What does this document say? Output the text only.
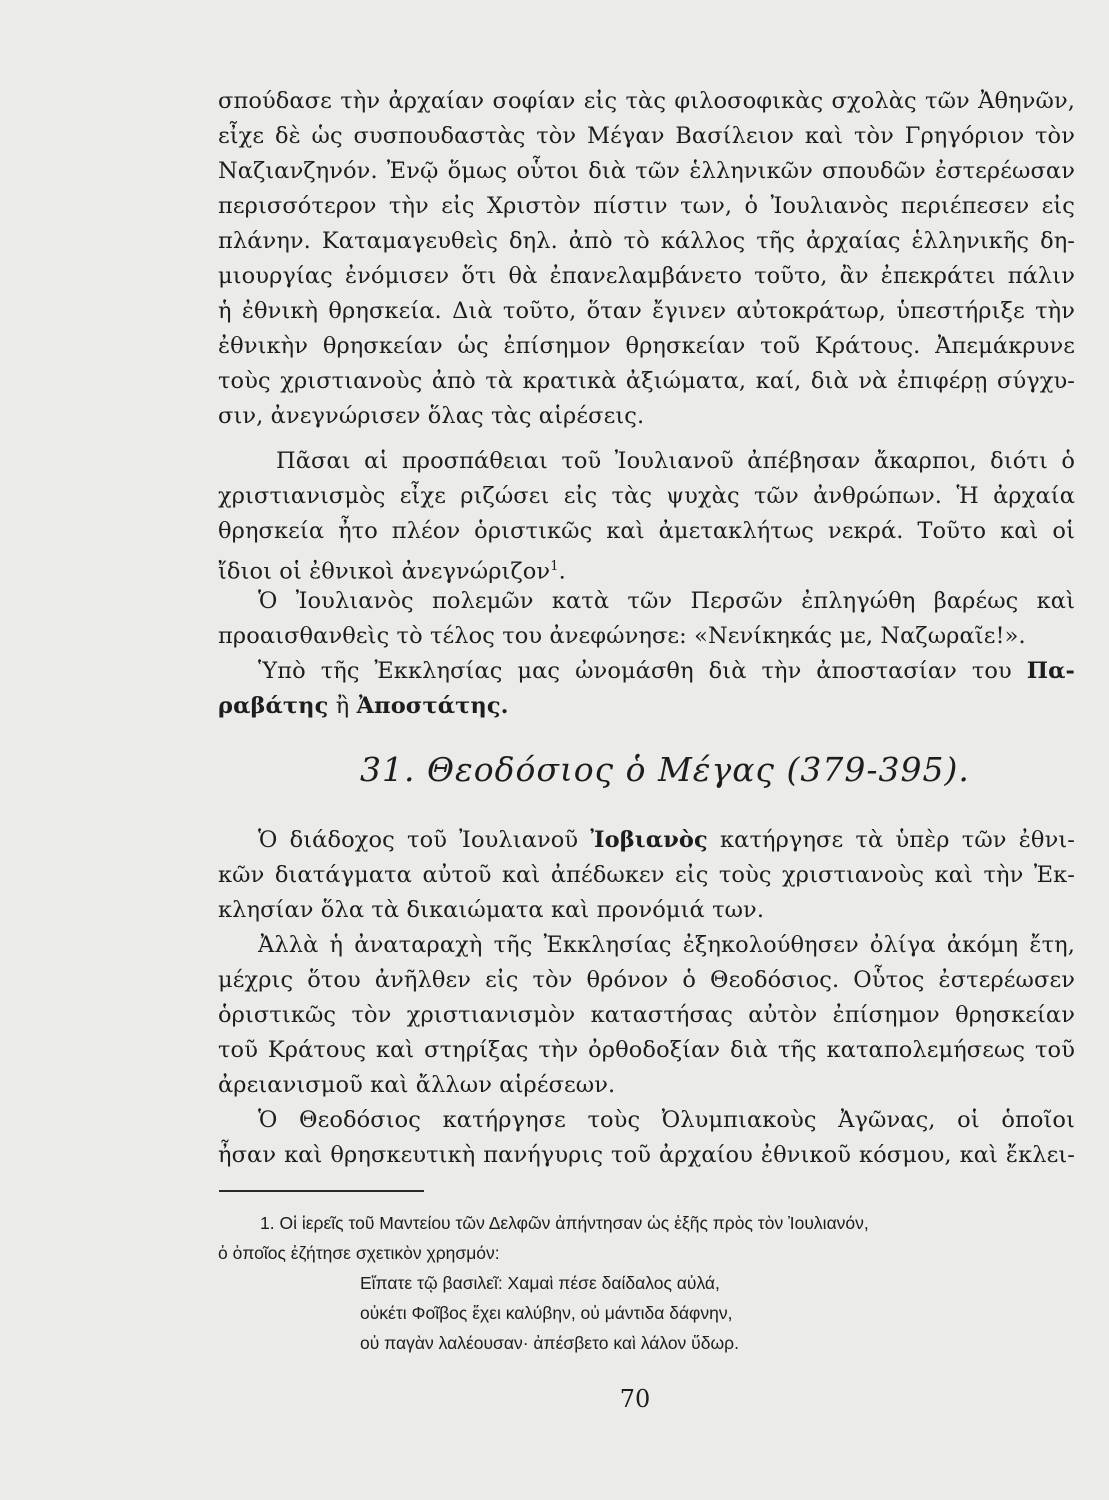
σπούδασε τὴν ἀρχαίαν σοφίαν εἰς τὰς φιλοσοφικὰς σχολὰς τῶν Ἀθηνῶν,
εἶχε δὲ ὡς συσπουδαστὰς τὸν Μέγαν Βασίλειον καὶ τὸν Γρηγόριον τὸν
Ναζιανζηνόν. Ἐνῷ ὅμως οὗτοι διὰ τῶν ἑλληνικῶν σπουδῶν ἐστερέωσαν
περισσότερον τὴν εἰς Χριστὸν πίστιν των, ὁ Ἰουλιανὸς περιέπεσεν εἰς
πλάνην. Καταμαγευθεὶς δηλ. ἀπὸ τὸ κάλλος τῆς ἀρχαίας ἑλληνικῆς δη-
μιουργίας ἐνόμισεν ὅτι θὰ ἐπανελαμβάνετο τοῦτο, ἂν ἐπεκράτει πάλιν
ἡ ἐθνικὴ θρησκεία. Διὰ τοῦτο, ὅταν ἔγινεν αὐτοκράτωρ, ὑπεστήριξε τὴν
ἐθνικὴν θρησκείαν ὡς ἐπίσημον θρησκείαν τοῦ Κράτους. Ἀπεμάκρυνε
τοὺς χριστιανοὺς ἀπὸ τὰ κρατικὰ ἀξιώματα, καί, διὰ νὰ ἐπιφέρῃ σύγχυ-
σιν, ἀνεγνώρισεν ὅλας τὰς αἱρέσεις.
Πᾶσαι αἱ προσπάθειαι τοῦ Ἰουλιανοῦ ἀπέβησαν ἄκαρποι, διότι ὁ
χριστιανισμὸς εἶχε ριζώσει εἰς τὰς ψυχὰς τῶν ἀνθρώπων. Ἡ ἀρχαία
θρησκεία ἦτο πλέον ὁριστικῶς καὶ ἀμετακλήτως νεκρά. Τοῦτο καὶ οἱ
ἴδιοι οἱ ἐθνικοὶ ἀνεγνώριζον$^1$.
Ὁ Ἰουλιανὸς πολεμῶν κατὰ τῶν Περσῶν ἐπληγώθη βαρέως καὶ
προαισθανθεὶς τὸ τέλος του ἀνεφώνησε: «Νενίκηκάς με, Ναζωραῖε!».
Ὑπὸ τῆς Ἐκκλησίας μας ὠνομάσθη διὰ τὴν ἀποστασίαν του Πα-
ραβάτης ἢ Ἀποστάτης.
31. Θεοδόσιος ὁ Μέγας (379-395).
Ὁ διάδοχος τοῦ Ἰουλιανοῦ Ἰοβιανὸς κατήργησε τὰ ὑπὲρ τῶν ἐθνι-
κῶν διατάγματα αὐτοῦ καὶ ἀπέδωκεν εἰς τοὺς χριστιανοὺς καὶ τὴν Ἐκ-
κλησίαν ὅλα τὰ δικαιώματα καὶ προνόμιά των.
Ἀλλὰ ἡ ἀναταραχὴ τῆς Ἐκκλησίας ἐξηκολούθησεν ὀλίγα ἀκόμη ἔτη,
μέχρις ὅτου ἀνῆλθεν εἰς τὸν θρόνον ὁ Θεοδόσιος. Οὗτος ἐστερέωσεν
ὁριστικῶς τὸν χριστιανισμὸν καταστήσας αὐτὸν ἐπίσημον θρησκείαν
τοῦ Κράτους καὶ στηρίξας τὴν ὀρθοδοξίαν διὰ τῆς καταπολεμήσεως τοῦ
ἀρειανισμοῦ καὶ ἄλλων αἱρέσεων.
Ὁ Θεοδόσιος κατήργησε τοὺς Ὀλυμπιακοὺς Ἀγῶνας, οἱ ὁποῖοι
ἦσαν καὶ θρησκευτικὴ πανήγυρις τοῦ ἀρχαίου ἐθνικοῦ κόσμου, καὶ ἔκλει-
1. Οἱ ἱερεῖς τοῦ Μαντείου τῶν Δελφῶν ἀπήντησαν ὡς ἑξῆς πρὸς τὸν Ἰουλιανόν,
ὁ ὁποῖος ἐζήτησε σχετικὸν χρησμόν:
Εἴπατε τῷ βασιλεῖ: Χαμαὶ πέσε δαίδαλος αὐλά,
οὐκέτι Φοῖβος ἔχει καλύβην, οὐ μάντιδα δάφνην,
οὐ παγὰν λαλέουσαν· ἀπέσβετο καὶ λάλον ὕδωρ.
70
